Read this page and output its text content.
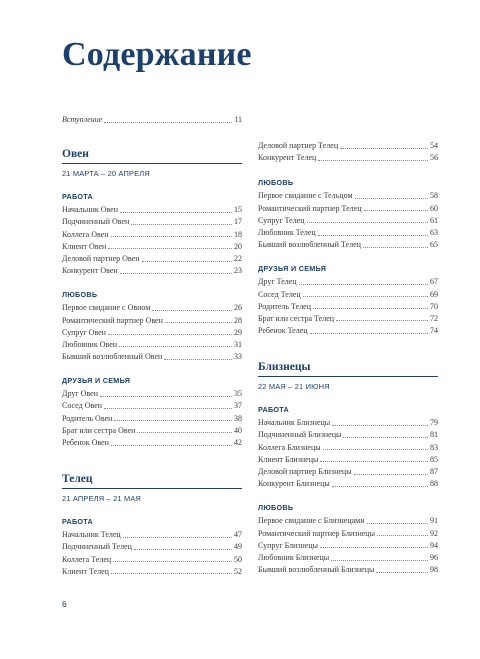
Содержание
Вступление	11
Овен
21 МАРТА – 20 АПРЕЛЯ
РАБОТА
Начальник Овен	15
Подчиненный Овен	17
Коллега Овен	18
Клиент Овен	20
Деловой партнер Овен	22
Конкурент Овен	23
ЛЮБОВЬ
Первое свидание с Овном	26
Романтический партнер Овен	28
Супруг Овен	29
Любовник Овен	31
Бывший возлюбленный Овен	33
ДРУЗЬЯ И СЕМЬЯ
Друг Овен	35
Сосед Овен	37
Родитель Овен	38
Брат или сестра Овен	40
Ребенок Овен	42
Телец
21 АПРЕЛЯ – 21 МАЯ
РАБОТА
Начальник Телец	47
Подчиненный Телец	49
Коллега Телец	50
Клиент Телец	52
Деловой партнер Телец	54
Конкурент Телец	56
ЛЮБОВЬ
Первое свидание с Тельцом	58
Романтический партнер Телец	60
Супруг Телец	61
Любовник Телец	63
Бывший возлюбленный Телец	65
ДРУЗЬЯ И СЕМЬЯ
Друг Телец	67
Сосед Телец	69
Родитель Телец	70
Брат или сестра Телец	72
Ребенок Телец	74
Близнецы
22 МАЯ – 21 ИЮНЯ
РАБОТА
Начальник Близнецы	79
Подчиненный Близнецы	81
Коллега Близнецы	83
Клиент Близнецы	85
Деловой партнер Близнецы	87
Конкурент Близнецы	88
ЛЮБОВЬ
Первое свидание с Близнецами	91
Романтический партнер Близнецы	92
Супруг Близнецы	94
Любовник Близнецы	96
Бывший возлюбленный Близнецы	98
6
